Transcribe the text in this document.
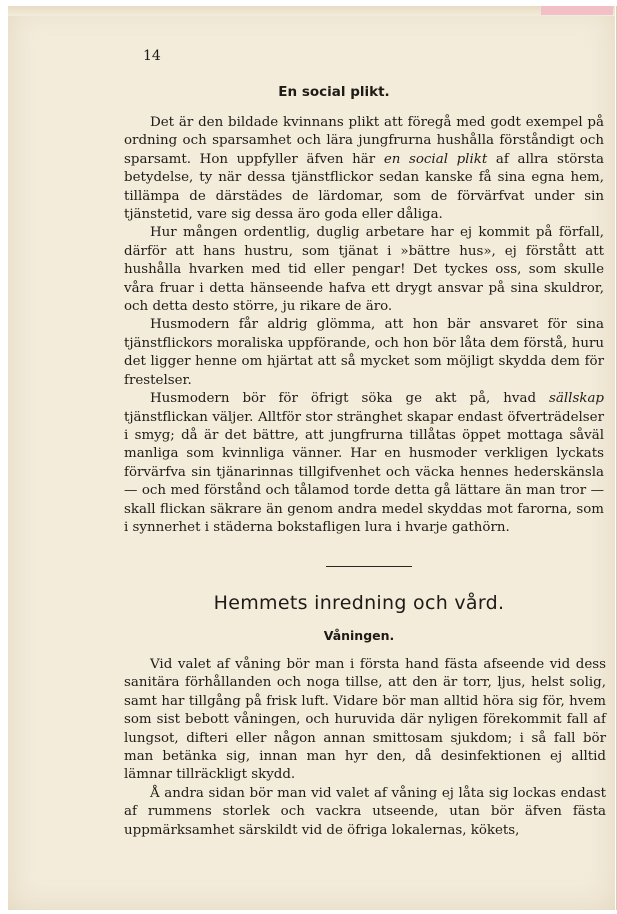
14
En social plikt.

Det är den bildade kvinnans plikt att föregå med godt exempel på ordning och sparsamhet och lära jungfrurna hushålla förståndigt och sparsamt. Hon uppfyller äfven här en social plikt af allra största betydelse, ty när dessa tjänstflickor sedan kanske få sina egna hem, tillämpa de därstädes de lärdomar, som de förvärfvat under sin tjänstetid, vare sig dessa äro goda eller dåliga.

Hur mången ordentlig, duglig arbetare har ej kommit på förfall, därför att hans hustru, som tjänat i »bättre hus», ej förstått att hushålla hvarken med tid eller pengar! Det tyckes oss, som skulle våra fruar i detta hänseende hafva ett drygt ansvar på sina skuldror, och detta desto större, ju rikare de äro.

Husmodern får aldrig glömma, att hon bär ansvaret för sina tjänstflickors moraliska uppförande, och hon bör låta dem förstå, huru det ligger henne om hjärtat att så mycket som möjligt skydda dem för frestelser.

Husmodern bör för öfrigt söka ge akt på, hvad sällskap tjänstflickan väljer. Alltför stor stränghet skapar endast öfverträdelser i smyg; då är det bättre, att jungfrurna tillåtas öppet mottaga såväl manliga som kvinnliga vänner. Har en husmoder verkligen lyckats förvärfva sin tjänarinnas tillgifvenhet och väcka hennes hederskänsla — och med förstånd och tålamod torde detta gå lättare än man tror — skall flickan säkrare än genom andra medel skyddas mot farorna, som i synnerhet i städerna bokstafligen lura i hvarje gathörn.

Hemmets inredning och vård.
Våningen.

Vid valet af våning bör man i första hand fästa afseende vid dess sanitära förhållanden och noga tillse, att den är torr, ljus, helst solig, samt har tillgång på frisk luft. Vidare bör man alltid höra sig för, hvem som sist bebott våningen, och huruvida där nyligen förekommit fall af lungsot, difteri eller någon annan smittosam sjukdom; i så fall bör man betänka sig, innan man hyr den, då desinfektionen ej alltid lämnar tillräckligt skydd.

Å andra sidan bör man vid valet af våning ej låta sig lockas endast af rummens storlek och vackra utseende, utan bör äfven fästa uppmärksamhet särskildt vid de öfriga lokalernas, kökets,
